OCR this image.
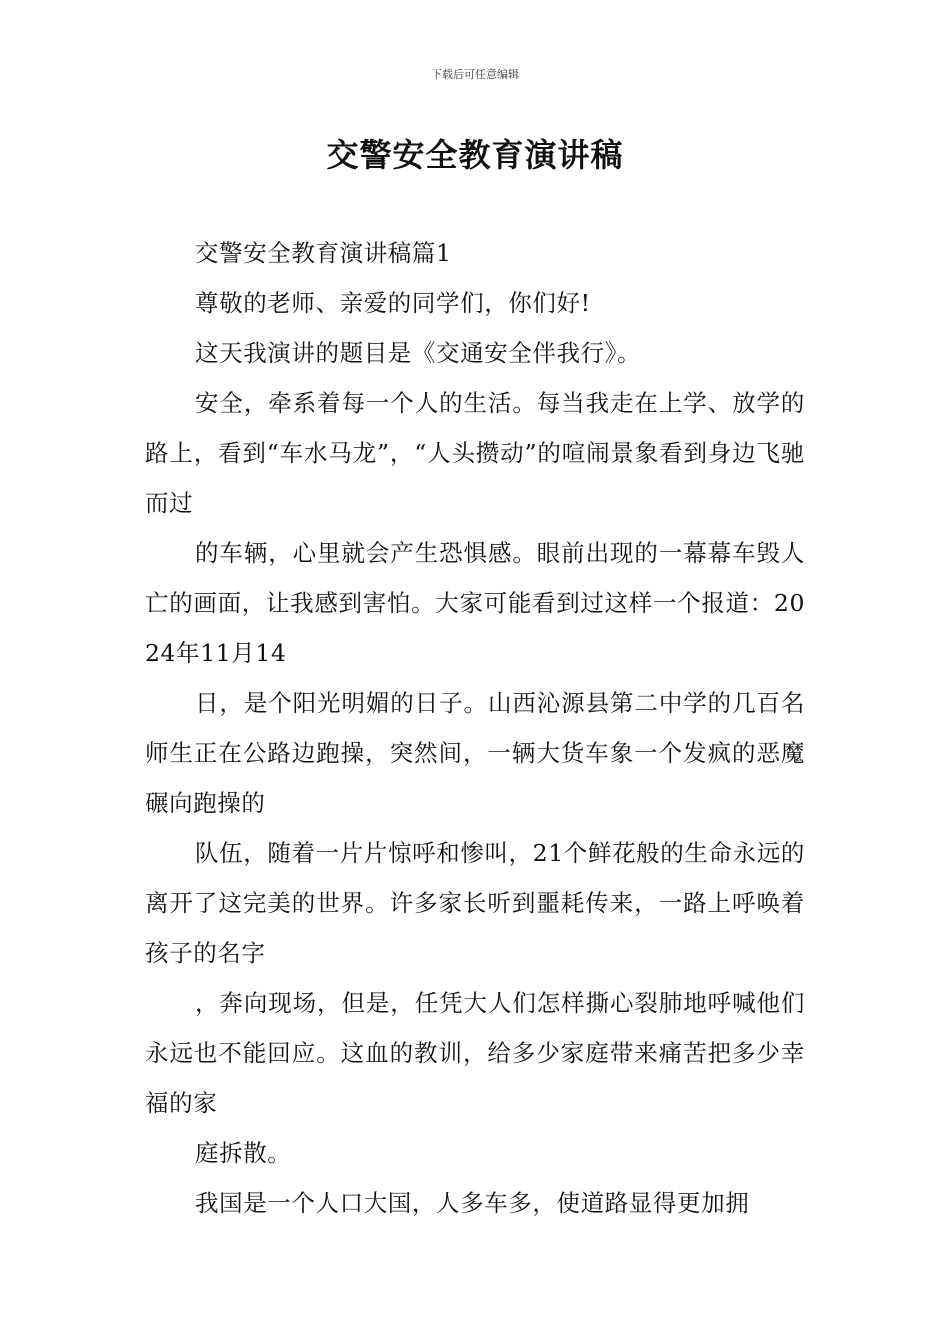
下载后可任意编辑
交警安全教育演讲稿

交警安全教育演讲稿篇1

尊敬的老师、亲爱的同学们，你们好!

这天我演讲的题目是《交通安全伴我行》。

安全，牵系着每一个人的生活。每当我走在上学、放学的路上，看到“车水马龙”，“人头攒动”的喧闹景象看到身边飞驰而过

的车辆，心里就会产生恐惧感。眼前出现的一幕幕车毁人亡的画面，让我感到害怕。大家可能看到过这样一个报道：2024年11月14

日，是个阳光明媚的日子。山西沁源县第二中学的几百名师生正在公路边跑操，突然间，一辆大货车象一个发疯的恶魔碾向跑操的

队伍，随着一片片惊呼和惨叫，21个鲜花般的生命永远的离开了这完美的世界。许多家长听到噩耗传来，一路上呼唤着孩子的名字

，奔向现场，但是，任凭大人们怎样撕心裂肺地呼喊他们永远也不能回应。这血的教训，给多少家庭带来痛苦把多少幸福的家

庭拆散。

我国是一个人口大国，人多车多，使道路显得更加拥
